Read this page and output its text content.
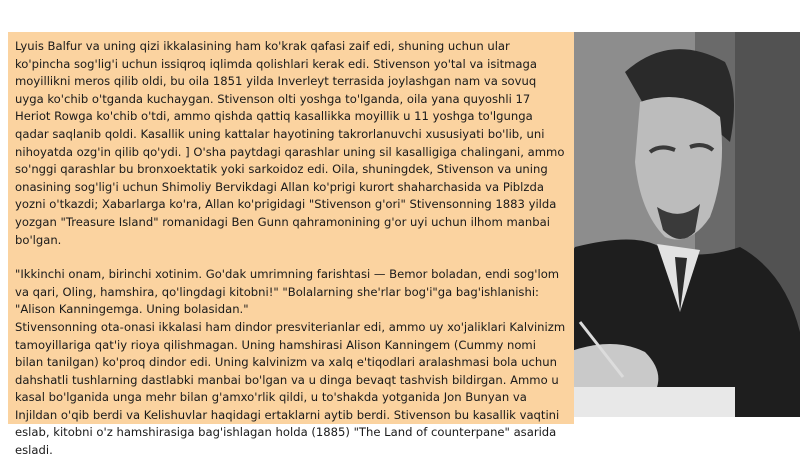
Lyuis Balfur va uning qizi ikkalasining ham ko'krak qafasi zaif edi, shuning uchun ular ko'pincha sog'lig'i uchun issiqroq iqlimda qolishlari kerak edi. Stivenson yo'tal va isitmaga moyillikni meros qilib oldi, bu oila 1851 yilda Inverleyt terrasida joylashgan nam va sovuq uyga ko'chib o'tganda kuchaygan. Stivenson olti yoshga to'lganda, oila yana quyoshli 17 Heriot Rowga ko'chib o'tdi, ammo qishda qattiq kasallikka moyillik u 11 yoshga to'lgunga qadar saqlanib qoldi. Kasallik uning kattalar hayotining takrorlanuvchi xususiyati bo'lib, uni nihoyatda ozg'in qilib qo'ydi. ] O'sha paytdagi qarashlar uning sil kasalligiga chalingani, ammo so'nggi qarashlar bu bronxoektatik yoki sarkoidoz edi. Oila, shuningdek, Stivenson va uning onasining sog'lig'i uchun Shimoliy Bervikdagi Allan ko'prigi kurort shaharchasida va Piblzda yozni o'tkazdi; Xabarlarga ko'ra, Allan ko'prigidagi "Stivenson g'ori" Stivensonning 1883 yilda yozgan "Treasure Island" romanidagi Ben Gunn qahramonining g'or uyi uchun ilhom manbai bo'lgan.

"Ikkinchi onam, birinchi xotinim. Go'dak umrimning farishtasi — Bemor boladan, endi sog'lom va qari, Oling, hamshira, qo'lingdagi kitobni!" "Bolalarning she'rlar bog'i"ga bag'ishlanishi: "Alison Kanningemga. Uning bolasidan."
Stivensonning ota-onasi ikkalasi ham dindor presviterianlar edi, ammo uy xo'jaliklari Kalvinizm tamoyillariga qat'iy rioya qilishmagan. Uning hamshirasi Alison Kanningem (Cummy nomi bilan tanilgan) ko'proq dindor edi. Uning kalvinizm va xalq e'tiqodlari aralashmasi bola uchun dahshatli tushlarning dastlabki manbai bo'lgan va u dinga bevaqt tashvish bildirgan. Ammo u kasal bo'lganida unga mehr bilan g'amxo'rlik qildi, u to'shakda yotganida Jon Bunyan va Injildan o'qib berdi va Kelishuvlar haqidagi ertaklarni aytib berdi. Stivenson bu kasallik vaqtini eslab, kitobni o'z hamshirasiga bag'ishlagan holda (1885) "The Land of counterpane" asarida esladi.
